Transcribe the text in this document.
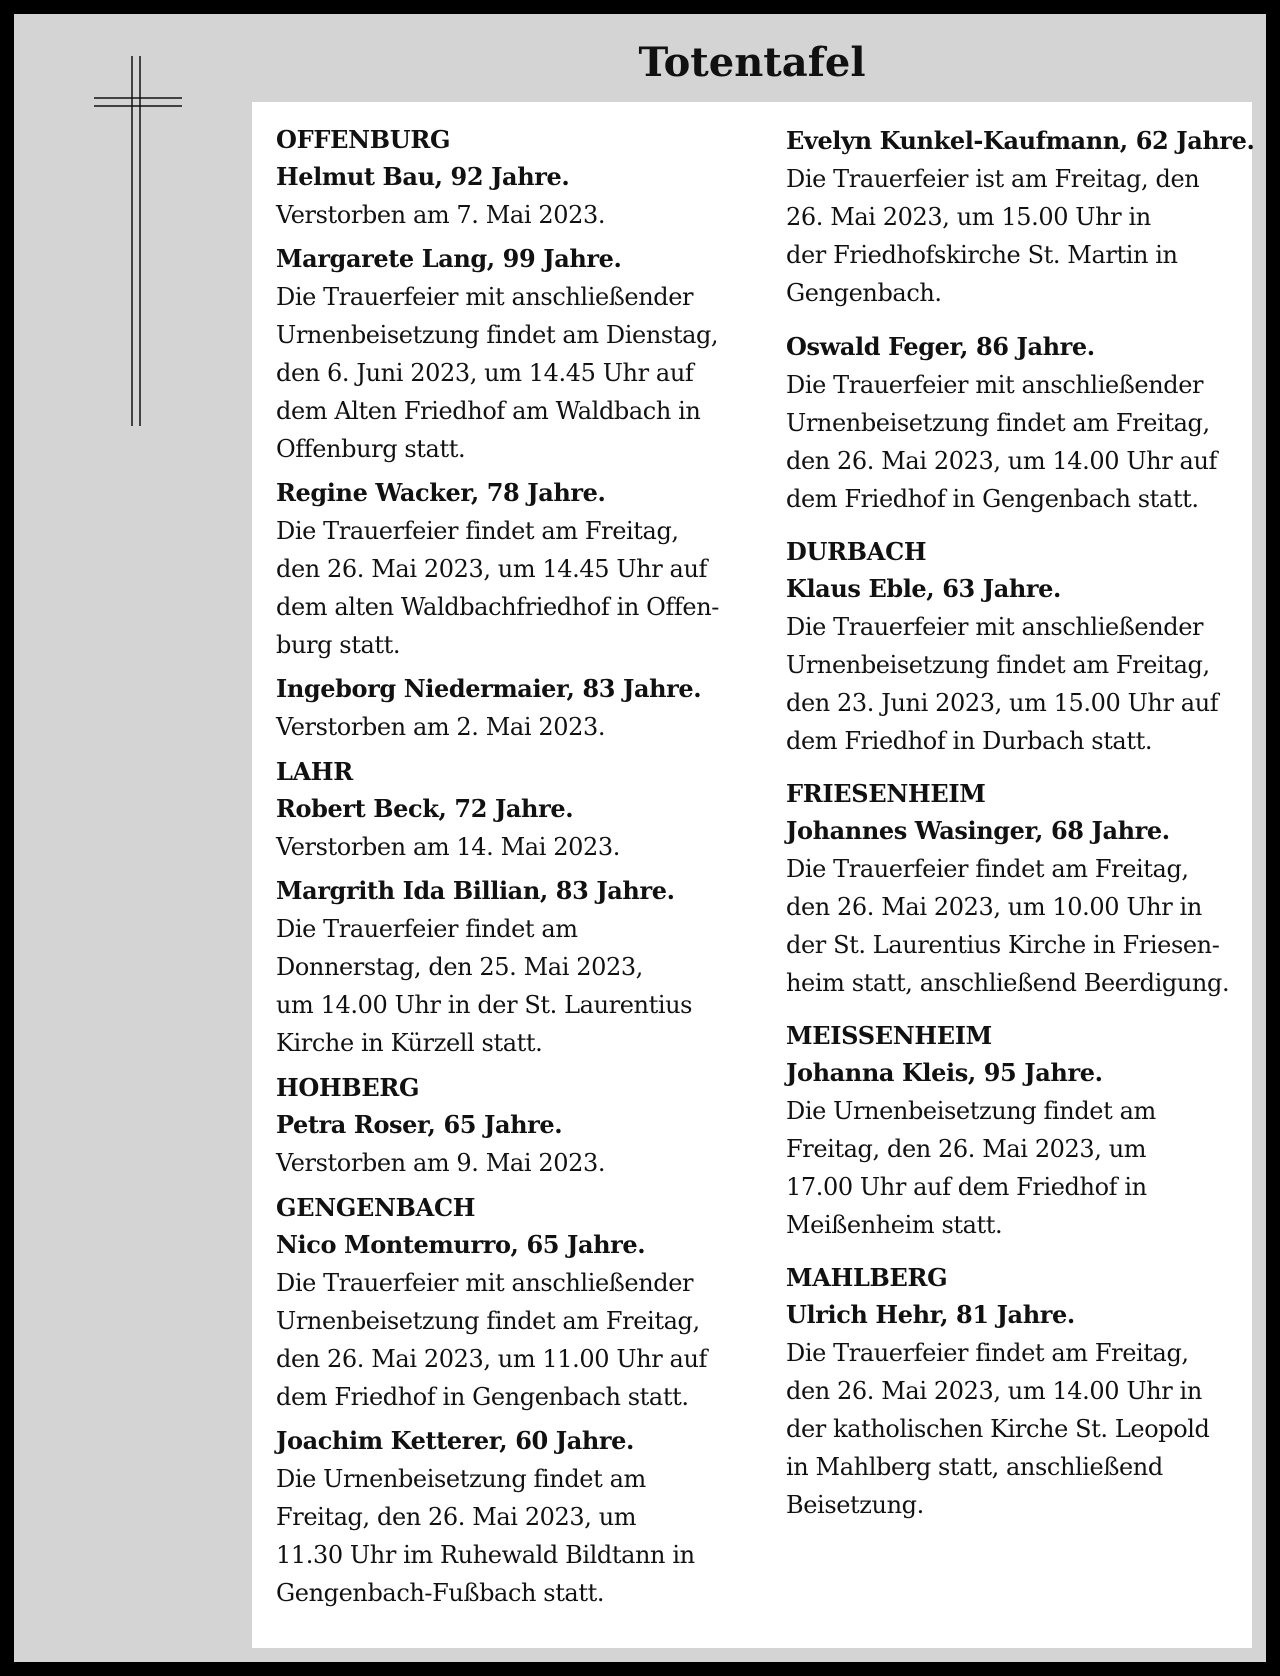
Totentafel
OFFENBURG
Helmut Bau, 92 Jahre.
Verstorben am 7. Mai 2023.
Margarete Lang, 99 Jahre.
Die Trauerfeier mit anschließender
Urnenbeisetzung findet am Dienstag,
den 6. Juni 2023, um 14.45 Uhr auf
dem Alten Friedhof am Waldbach in
Offenburg statt.
Regine Wacker, 78 Jahre.
Die Trauerfeier findet am Freitag,
den 26. Mai 2023, um 14.45 Uhr auf
dem alten Waldbachfriedhof in Offen-
burg statt.
Ingeborg Niedermaier, 83 Jahre.
Verstorben am 2. Mai 2023.
LAHR
Robert Beck, 72 Jahre.
Verstorben am 14. Mai 2023.
Margrith Ida Billian, 83 Jahre.
Die Trauerfeier findet am
Donnerstag, den 25. Mai 2023,
um 14.00 Uhr in der St. Laurentius
Kirche in Kürzell statt.
HOHBERG
Petra Roser, 65 Jahre.
Verstorben am 9. Mai 2023.
GENGENBACH
Nico Montemurro, 65 Jahre.
Die Trauerfeier mit anschließender
Urnenbeisetzung findet am Freitag,
den 26. Mai 2023, um 11.00 Uhr auf
dem Friedhof in Gengenbach statt.
Joachim Ketterer, 60 Jahre.
Die Urnenbeisetzung findet am
Freitag, den 26. Mai 2023, um
11.30 Uhr im Ruhewald Bildtann in
Gengenbach-Fußbach statt.
Evelyn Kunkel-Kaufmann, 62 Jahre.
Die Trauerfeier ist am Freitag, den
26. Mai 2023, um 15.00 Uhr in
der Friedhofskirche St. Martin in
Gengenbach.
Oswald Feger, 86 Jahre.
Die Trauerfeier mit anschließender
Urnenbeisetzung findet am Freitag,
den 26. Mai 2023, um 14.00 Uhr auf
dem Friedhof in Gengenbach statt.
DURBACH
Klaus Eble, 63 Jahre.
Die Trauerfeier mit anschließender
Urnenbeisetzung findet am Freitag,
den 23. Juni 2023, um 15.00 Uhr auf
dem Friedhof in Durbach statt.
FRIESENHEIM
Johannes Wasinger, 68 Jahre.
Die Trauerfeier findet am Freitag,
den 26. Mai 2023, um 10.00 Uhr in
der St. Laurentius Kirche in Friesen-
heim statt, anschließend Beerdigung.
MEISSENHEIM
Johanna Kleis, 95 Jahre.
Die Urnenbeisetzung findet am
Freitag, den 26. Mai 2023, um
17.00 Uhr auf dem Friedhof in
Meißenheim statt.
MAHLBERG
Ulrich Hehr, 81 Jahre.
Die Trauerfeier findet am Freitag,
den 26. Mai 2023, um 14.00 Uhr in
der katholischen Kirche St. Leopold
in Mahlberg statt, anschließend
Beisetzung.
